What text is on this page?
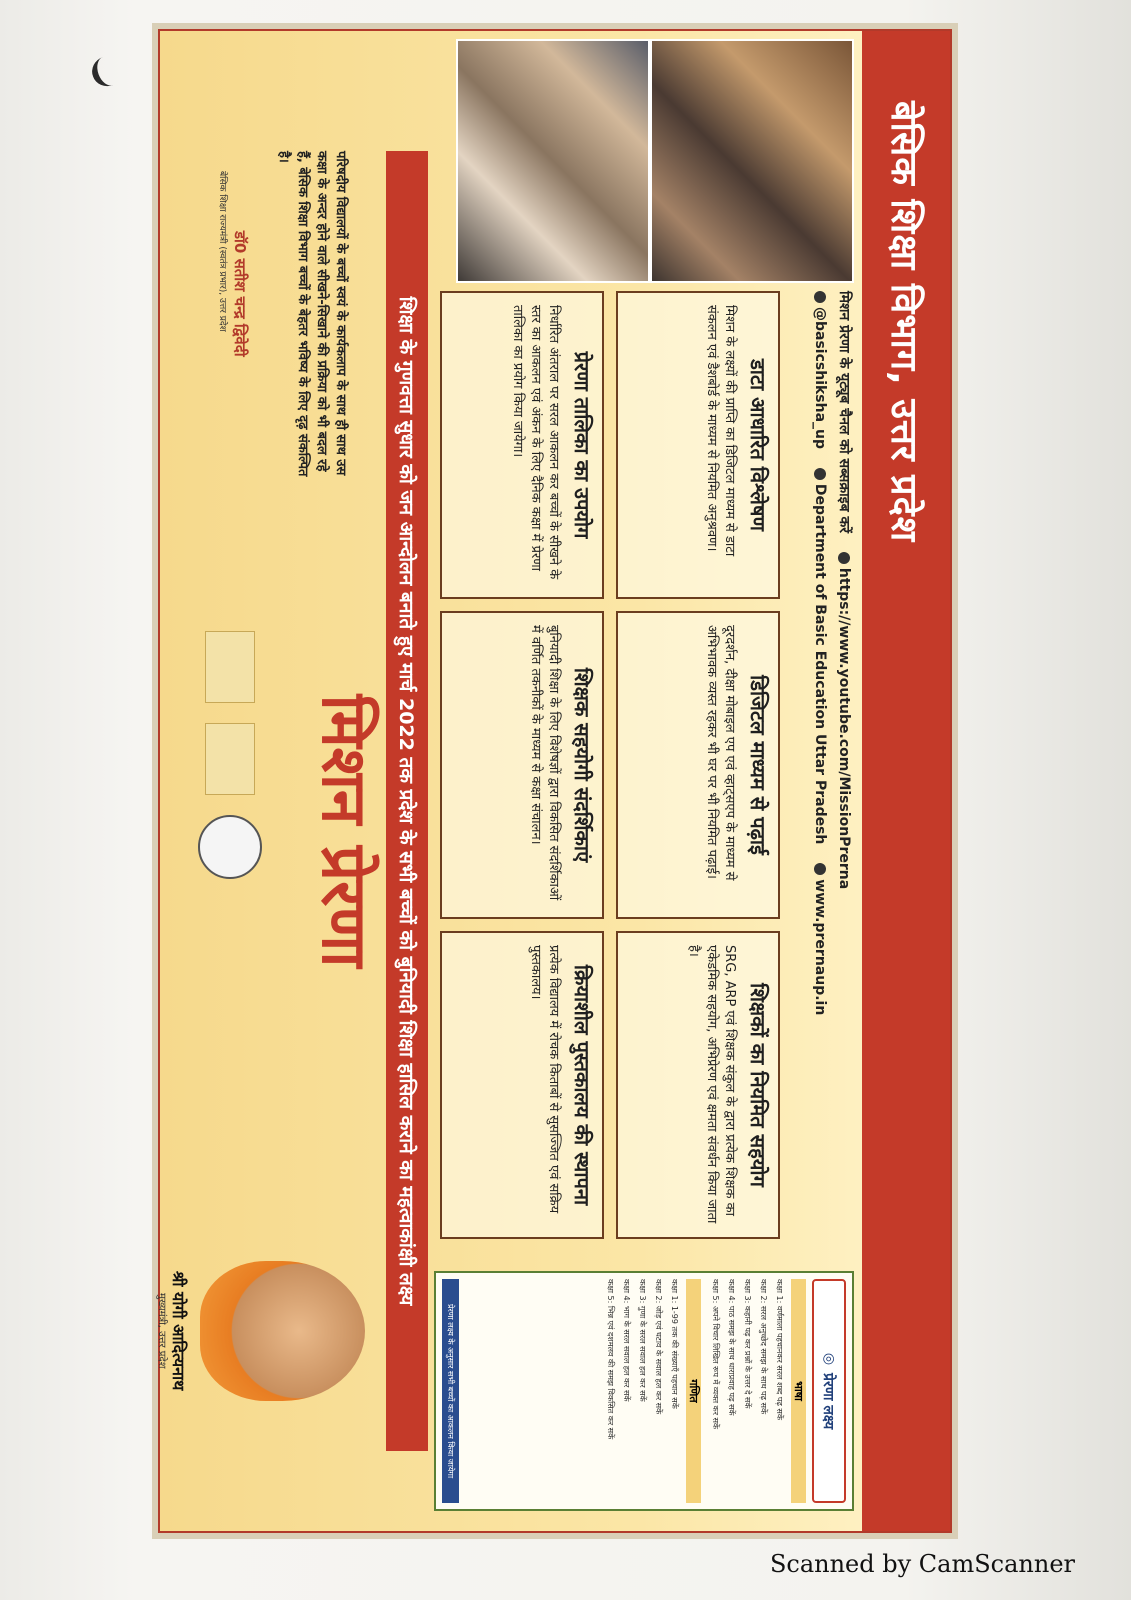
Scanned by CamScanner
बेसिक शिक्षा विभाग, उत्तर प्रदेश
मिशन प्रेरणा के यूट्यूब चैनल को सब्सक्राइब करें https://www.youtube.com/MissionPrerna
@basicshiksha_up Department of Basic Education Uttar Pradesh www.prernaup.in
डाटा आधारित विश्लेषण
मिशन के लक्ष्यों की प्राप्ति का डिजिटल माध्यम से डाटा संकलन एवं डैशबोर्ड के माध्यम से नियमित अनुश्रवण।
प्रेरणा तालिका का उपयोग
निर्धारित अंतराल पर सरल आकलन कर बच्चों के सीखने के स्तर का आकलन एवं अंकन के लिए दैनिक कक्षा में प्रेरणा तालिका का प्रयोग किया जायेगा।
डिजिटल माध्यम से पढ़ाई
दूरदर्शन, दीक्षा मोबाइल एप एवं व्हाट्सएप के माध्यम से अभिभावक व्यस्त रहकर भी घर पर भी नियमित पढ़ाई।
शिक्षक सहयोगी संदर्शिकाएं
बुनियादी शिक्षा के लिए विशेषज्ञों द्वारा विकसित संदर्शिकाओं में वर्णित तकनीकों के माध्यम से कक्षा संचालन।
शिक्षकों का नियमित सहयोग
SRG, ARP एवं शिक्षक संकुल के द्वारा प्रत्येक शिक्षक का एकेडमिक सहयोग, अभिप्रेरण एवं क्षमता संवर्धन किया जाता है।
क्रियाशील पुस्तकालय की स्थापना
प्रत्येक विद्यालय में रोचक किताबों से सुसज्जित एवं सक्रिय पुस्तकालय।
◎
प्रेरणा लक्ष्य
भाषा
कक्षा 1: वर्णमाला पहचानकर सरल शब्द पढ़ सकें
कक्षा 2: सरल अनुच्छेद समझ के साथ पढ़ सकें
कक्षा 3: कहानी पढ़ कर प्रश्नों के उत्तर दे सकें
कक्षा 4: पाठ समझ के साथ धाराप्रवाह पढ़ सकें
कक्षा 5: अपने विचार लिखित रूप में व्यक्त कर सकें
गणित
कक्षा 1: 1-99 तक की संख्याएँ पहचान सकें
कक्षा 2: जोड़ एवं घटाव के सवाल हल कर सकें
कक्षा 3: गुणा के सरल सवाल हल कर सकें
कक्षा 4: भाग के सरल सवाल हल कर सकें
कक्षा 5: भिन्न एवं दशमलव की समझ विकसित कर सकें
प्रेरणा लक्ष्य के अनुसार सभी बच्चों का आकलन किया जायेगा
शिक्षा के गुणवत्ता सुधार को जन आन्दोलन बनाते हुए मार्च 2022 तक प्रदेश के सभी बच्चों को बुनियादी शिक्षा हासिल कराने का महत्वाकांक्षी लक्ष्य
परिषदीय विद्यालयों के बच्चों स्वयं के कार्यकलाप के साथ ही साथ उस कक्षा के अन्दर होने वाले सीखने-सिखाने की प्रक्रिया को भी बदल रहे हैं, बेसिक शिक्षा विभाग बच्चों के बेहतर भविष्य के लिए दृढ़ संकल्पित है।
डॉ0 सतीश चन्द्र द्विवेदी
बेसिक शिक्षा राज्यमंत्री (स्वतंत्र प्रभार), उत्तर प्रदेश
मिशन प्रेरणा
श्री योगी आदित्यनाथ
मुख्यमंत्री, उत्तर प्रदेश
